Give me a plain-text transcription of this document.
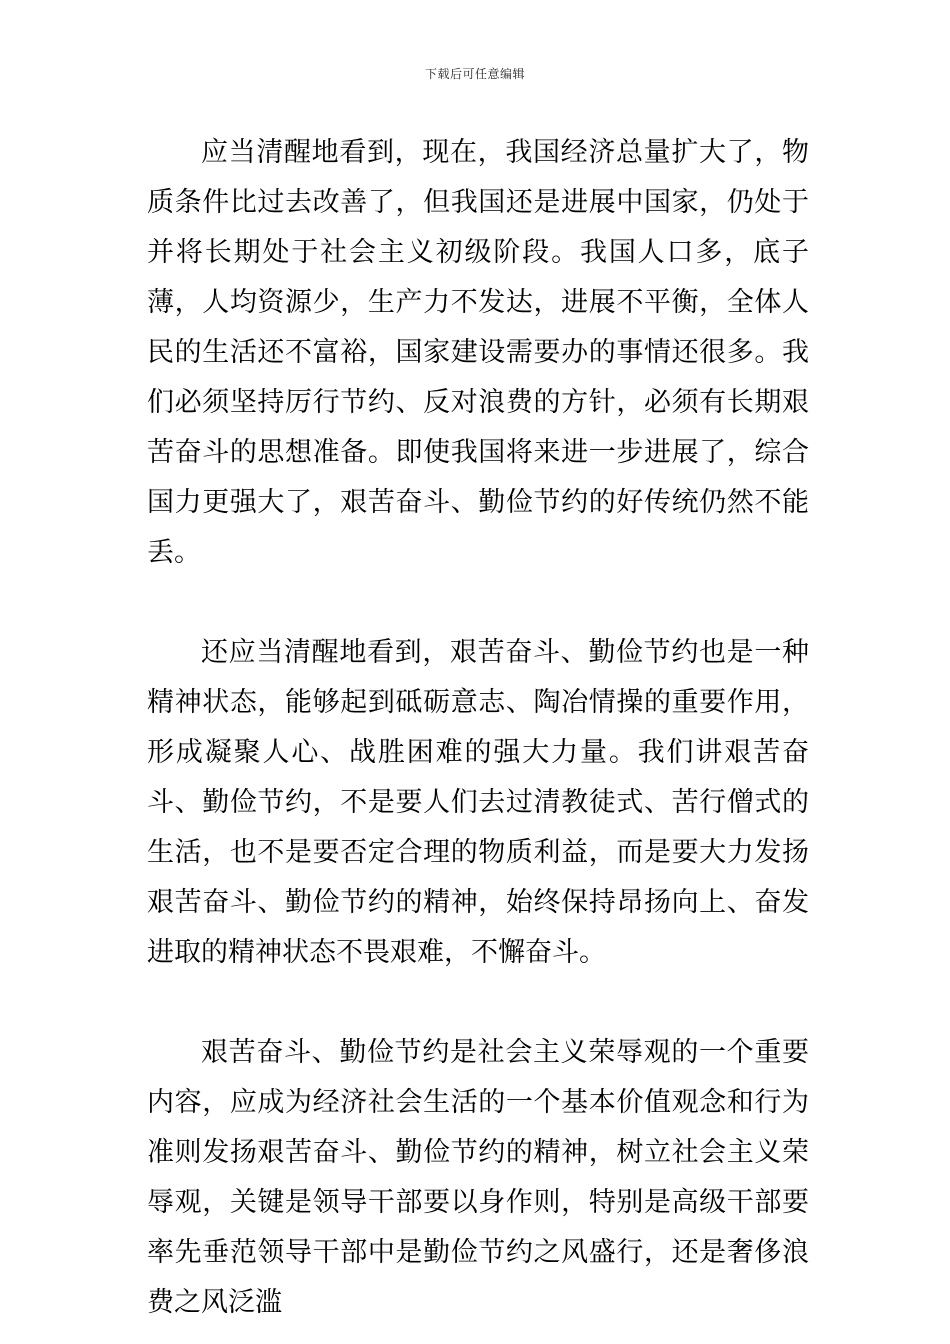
下载后可任意编辑

应当清醒地看到，现在，我国经济总量扩大了，物质条件比过去改善了，但我国还是进展中国家，仍处于并将长期处于社会主义初级阶段。我国人口多，底子薄，人均资源少，生产力不发达，进展不平衡，全体人民的生活还不富裕，国家建设需要办的事情还很多。我们必须坚持厉行节约、反对浪费的方针，必须有长期艰苦奋斗的思想准备。即使我国将来进一步进展了，综合国力更强大了，艰苦奋斗、勤俭节约的好传统仍然不能丢。

还应当清醒地看到，艰苦奋斗、勤俭节约也是一种精神状态，能够起到砥砺意志、陶冶情操的重要作用，形成凝聚人心、战胜困难的强大力量。我们讲艰苦奋斗、勤俭节约，不是要人们去过清教徒式、苦行僧式的生活，也不是要否定合理的物质利益，而是要大力发扬艰苦奋斗、勤俭节约的精神，始终保持昂扬向上、奋发进取的精神状态不畏艰难，不懈奋斗。

艰苦奋斗、勤俭节约是社会主义荣辱观的一个重要内容，应成为经济社会生活的一个基本价值观念和行为准则发扬艰苦奋斗、勤俭节约的精神，树立社会主义荣辱观，关键是领导干部要以身作则，特别是高级干部要率先垂范领导干部中是勤俭节约之风盛行，还是奢侈浪费之风泛滥
